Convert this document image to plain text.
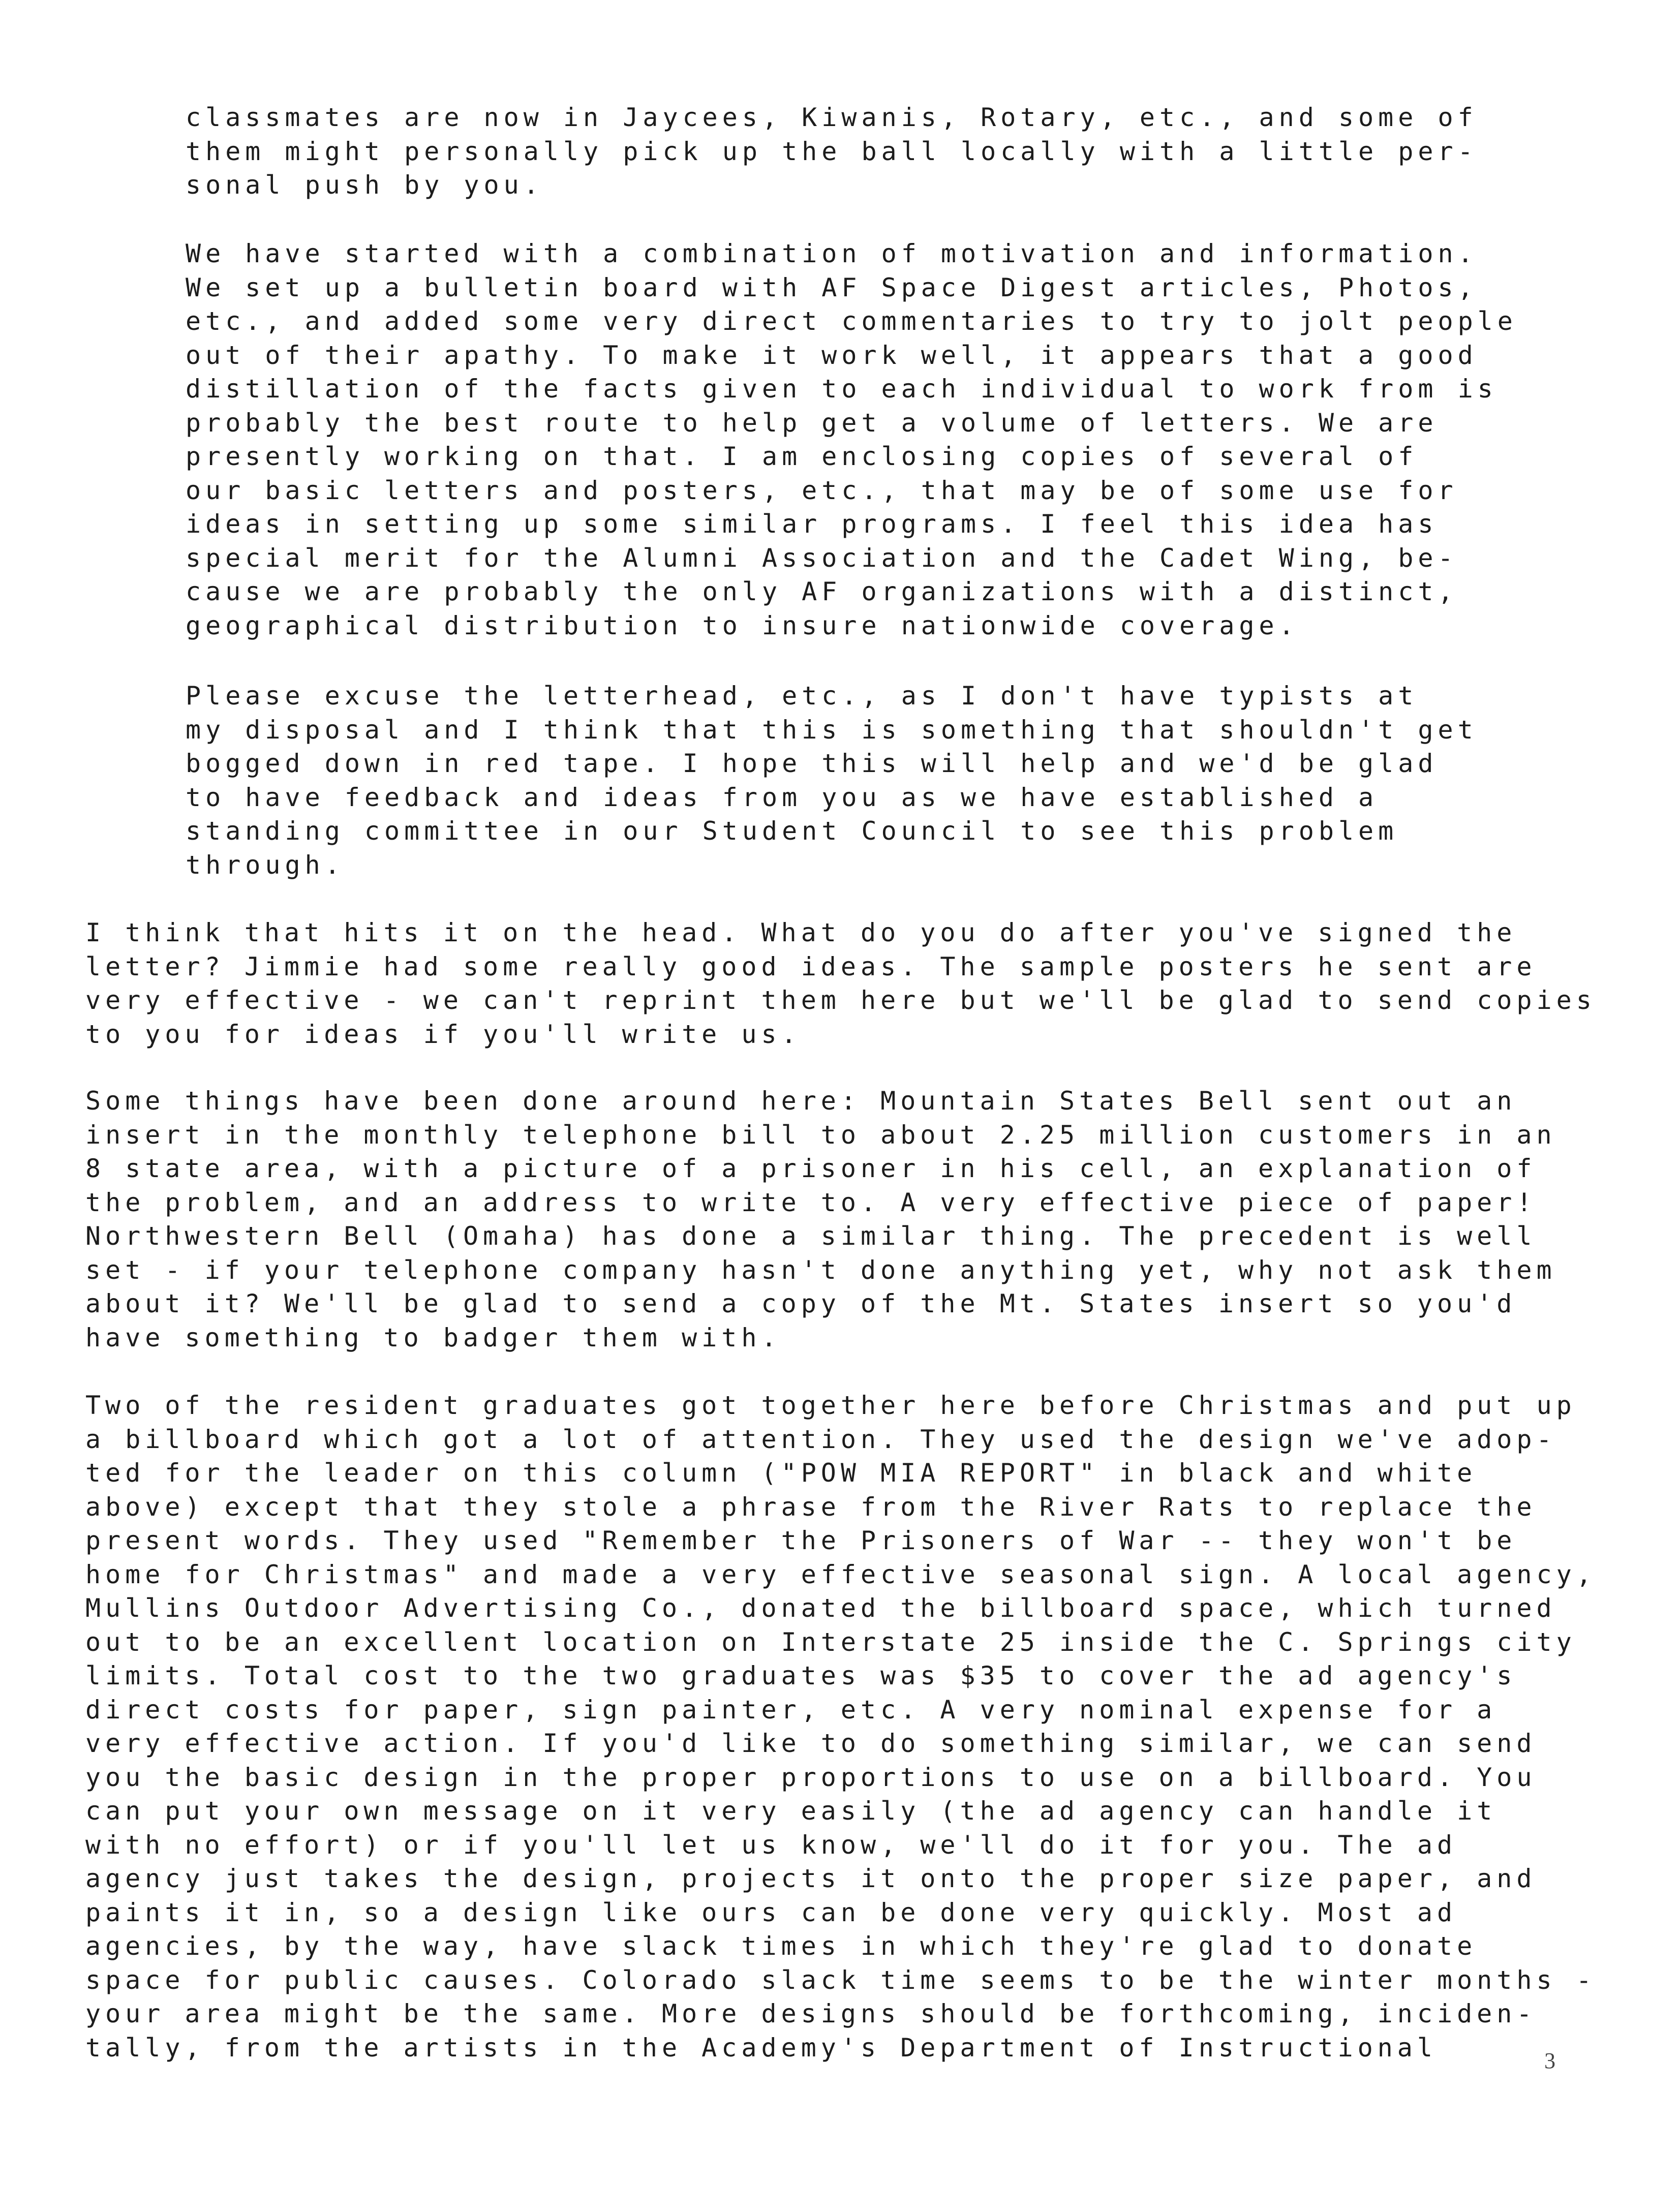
classmates are now in Jaycees, Kiwanis, Rotary, etc., and some of
them might personally pick up the ball locally with a little per-
sonal push by you.
We have started with a combination of motivation and information.
We set up a bulletin board with AF Space Digest articles, Photos,
etc., and added some very direct commentaries to try to jolt people
out of their apathy. To make it work well, it appears that a good
distillation of the facts given to each individual to work from is
probably the best route to help get a volume of letters. We are
presently working on that. I am enclosing copies of several of
our basic letters and posters, etc., that may be of some use for
ideas in setting up some similar programs. I feel this idea has
special merit for the Alumni Association and the Cadet Wing, be-
cause we are probably the only AF organizations with a distinct,
geographical distribution to insure nationwide coverage.
Please excuse the letterhead, etc., as I don't have typists at
my disposal and I think that this is something that shouldn't get
bogged down in red tape. I hope this will help and we'd be glad
to have feedback and ideas from you as we have established a
standing committee in our Student Council to see this problem
through.
I think that hits it on the head. What do you do after you've signed the
letter? Jimmie had some really good ideas. The sample posters he sent are
very effective - we can't reprint them here but we'll be glad to send copies
to you for ideas if you'll write us.
Some things have been done around here: Mountain States Bell sent out an
insert in the monthly telephone bill to about 2.25 million customers in an
8 state area, with a picture of a prisoner in his cell, an explanation of
the problem, and an address to write to. A very effective piece of paper!
Northwestern Bell (Omaha) has done a similar thing. The precedent is well
set - if your telephone company hasn't done anything yet, why not ask them
about it? We'll be glad to send a copy of the Mt. States insert so you'd
have something to badger them with.
Two of the resident graduates got together here before Christmas and put up
a billboard which got a lot of attention. They used the design we've adop-
ted for the leader on this column ("POW MIA REPORT" in black and white
above) except that they stole a phrase from the River Rats to replace the
present words. They used "Remember the Prisoners of War -- they won't be
home for Christmas" and made a very effective seasonal sign. A local agency,
Mullins Outdoor Advertising Co., donated the billboard space, which turned
out to be an excellent location on Interstate 25 inside the C. Springs city
limits. Total cost to the two graduates was $35 to cover the ad agency's
direct costs for paper, sign painter, etc. A very nominal expense for a
very effective action. If you'd like to do something similar, we can send
you the basic design in the proper proportions to use on a billboard. You
can put your own message on it very easily (the ad agency can handle it
with no effort) or if you'll let us know, we'll do it for you. The ad
agency just takes the design, projects it onto the proper size paper, and
paints it in, so a design like ours can be done very quickly. Most ad
agencies, by the way, have slack times in which they're glad to donate
space for public causes. Colorado slack time seems to be the winter months -
your area might be the same. More designs should be forthcoming, inciden-
tally, from the artists in the Academy's Department of Instructional	3
